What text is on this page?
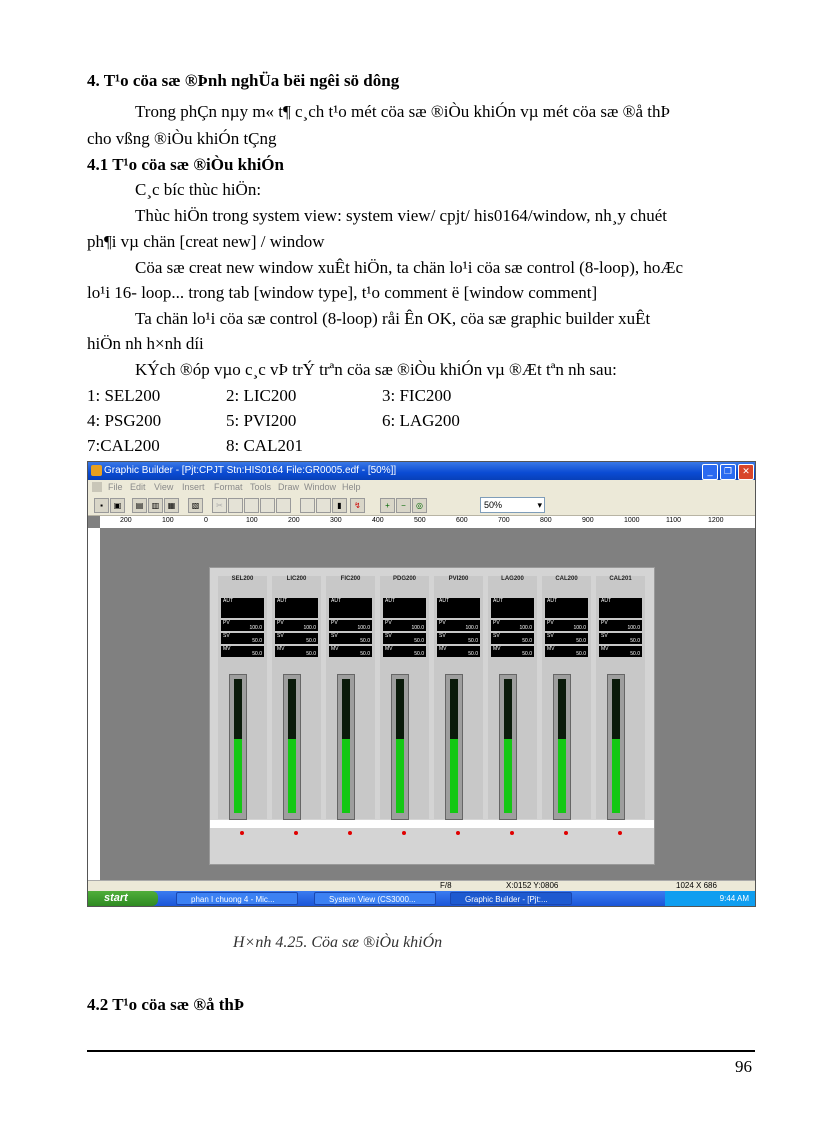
4. T¹o cöa sæ ®Þnh nghÜa bëi ngêi sö dông
Trong phÇn nµy m« t¶ c¸ch t¹o mét cöa sæ ®iÒu khiÓn vµ mét cöa sæ ®å thÞ
cho vßng ®iÒu khiÓn tÇng
4.1 T¹o cöa sæ ®iÒu khiÓn
C¸c bíc thùc hiÖn:
Thùc hiÖn trong system view: system view/ cpjt/ his0164/window, nh¸y chuét
ph¶i vµ chän [creat new] / window
Cöa sæ creat new window xuÊt hiÖn, ta chän lo¹i cöa sæ control (8-loop), hoÆc
lo¹i 16- loop... trong tab [window type], t¹o comment ë [window comment]
Ta chän lo¹i cöa sæ control (8-loop) råi Ên OK, cöa sæ graphic builder xuÊt
hiÖn nh h×nh díi
KÝch ®óp vµo c¸c vÞ trÝ trªn cöa sæ ®iÒu khiÓn vµ ®Æt tªn nh sau:
1: SEL200	2: LIC200	3: FIC200
4: PSG200	5: PVI200	6: LAG200
7:CAL200	8: CAL201
Graphic Builder - [Pjt:CPJT Stn:HIS0164 File:GR0005.edf - [50%]]	_	❐	✕
File Edit View Insert Format Tools Draw Window Help
▪	▣	▤	▥	▦	▧	✂	▮	↯	+	−	◎	50%	▾
200	100	0	100	200	300	400	500	600	700	800	900	1000	1100	1200
SEL200
AUT
PV
100.0
SV
50.0
MV
50.0
LIC200
AUT
PV
100.0
SV
50.0
MV
50.0
FIC200
AUT
PV
100.0
SV
50.0
MV
50.0
PDG200
AUT
PV
100.0
SV
50.0
MV
50.0
PVI200
AUT
PV
100.0
SV
50.0
MV
50.0
LAG200
AUT
PV
100.0
SV
50.0
MV
50.0
CAL200
AUT
PV
100.0
SV
50.0
MV
50.0
CAL201
AUT
PV
100.0
SV
50.0
MV
50.0
F/8	X:0152 Y:0806	1024 X 686
start	phan I chuong 4 - Mic...	System View (CS3000...	Graphic Builder - [Pjt:...	9:44 AM
H×nh 4.25. Cöa sæ ®iÒu khiÓn
4.2 T¹o cöa sæ ®å thÞ
96
